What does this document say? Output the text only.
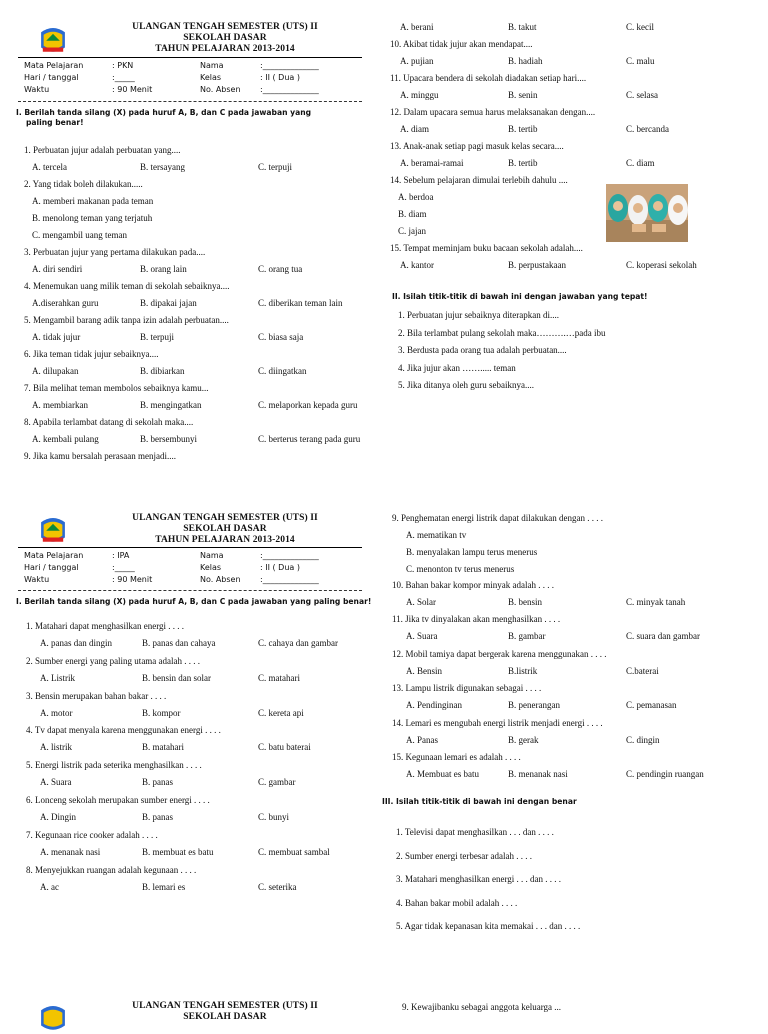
ULANGAN TENGAH SEMESTER (UTS) II
SEKOLAH DASAR
TAHUN PELAJARAN 2013-2014
Mata Pelajaran	: PKN	Nama	:______________
Hari / tanggal	:_____	Kelas	: II ( Dua )
Waktu	: 90 Menit	No. Absen :______________
I. Berilah tanda silang (X) pada huruf A, B, dan C pada jawaban yang
paling benar!
1. Perbuatan jujur adalah perbuatan yang....
A. tercela	B. tersayang	C. terpuji
2. Yang tidak boleh dilakukan.....
A. memberi makanan pada teman
B. menolong teman yang terjatuh
C. mengambil uang teman
3. Perbuatan jujur yang pertama dilakukan pada....
A. diri sendiri	B. orang lain	C. orang tua
4. Menemukan uang milik teman di sekolah sebaiknya....
A.diserahkan guru	B. dipakai jajan	C. diberikan teman lain
5. Mengambil barang adik tanpa izin adalah perbuatan....
A. tidak jujur	B. terpuji	C. biasa saja
6. Jika teman tidak jujur sebaiknya....
A. dilupakan	B. dibiarkan	C. diingatkan
7. Bila melihat teman membolos sebaiknya kamu...
A. membiarkan	B. mengingatkan	C. melaporkan kepada guru
8. Apabila terlambat datang di sekolah maka....
A. kembali pulang	B. bersembunyi	C. berterus terang pada guru
9. Jika kamu bersalah perasaan menjadi....
A. berani	B. takut	C. kecil
10. Akibat tidak jujur akan mendapat....
A. pujian	B. hadiah	C. malu
11. Upacara bendera di sekolah diadakan setiap hari....
A. minggu	B. senin	C. selasa
12. Dalam upacara semua harus melaksanakan dengan....
A. diam	B. tertib	C. bercanda
13. Anak-anak setiap pagi masuk kelas secara....
A. beramai-ramai	B. tertib	C. diam
14. Sebelum pelajaran dimulai terlebih dahulu ....
A. berdoa
B. diam
C. jajan
15. Tempat meminjam buku bacaan sekolah adalah....
A. kantor	B. perpustakaan	C. koperasi sekolah
II. Isilah titik-titik di bawah ini dengan jawaban yang tepat!
1. Perbuatan jujur sebaiknya diterapkan di....
2. Bila terlambat pulang sekolah maka……….…pada ibu
3. Berdusta pada orang tua adalah perbuatan....
4. Jika jujur akan ……..... teman
5. Jika ditanya oleh guru sebaiknya....
ULANGAN TENGAH SEMESTER (UTS) II
SEKOLAH DASAR
TAHUN PELAJARAN 2013-2014
Mata Pelajaran	: IPA	Nama	:______________
Hari / tanggal	:_____	Kelas	: II ( Dua )
Waktu	: 90 Menit	No. Absen :______________
I. Berilah tanda silang (X) pada huruf A, B, dan C pada jawaban yang paling benar!
1. Matahari dapat menghasilkan energi . . . .
A. panas dan dingin	B. panas dan cahaya	C. cahaya dan gambar
2. Sumber energi yang paling utama adalah . . . .
A. Listrik	B. bensin dan solar	C. matahari
3. Bensin merupakan bahan bakar . . . .
A. motor	B. kompor	C. kereta api
4. Tv dapat menyala karena menggunakan energi . . . .
A. listrik	B. matahari	C. batu baterai
5. Energi listrik pada seterika menghasilkan . . . .
A. Suara	B. panas	C. gambar
6. Lonceng sekolah merupakan sumber energi . . . .
A. Dingin	B. panas	C. bunyi
7. Kegunaan rice cooker adalah . . . .
A. menanak nasi	B. membuat es batu	C. membuat sambal
8. Menyejukkan ruangan adalah kegunaan . . . .
A. ac	B. lemari es	C. seterika
9. Penghematan energi listrik dapat dilakukan dengan . . . .
A. mematikan tv
B. menyalakan lampu terus menerus
C. menonton tv terus menerus
10. Bahan bakar kompor minyak adalah . . . .
A. Solar	B. bensin	C. minyak tanah
11. Jika tv dinyalakan akan menghasilkan . . . .
A. Suara	B. gambar	C. suara dan gambar
12. Mobil tamiya dapat bergerak karena menggunakan . . . .
A. Bensin	B.listrik	C.baterai
13. Lampu listrik digunakan sebagai . . . .
A. Pendinginan	B. penerangan	C. pemanasan
14. Lemari es mengubah energi listrik menjadi energi . . . .
A. Panas	B. gerak	C. dingin
15. Kegunaan lemari es adalah . . . .
A. Membuat es batu	B. menanak nasi	C. pendingin ruangan
III. Isilah titik-titik di bawah ini dengan benar
1. Televisi dapat menghasilkan . . . dan . . . .
2. Sumber energi terbesar adalah . . . .
3. Matahari menghasilkan energi . . . dan . . . .
4. Bahan bakar mobil adalah . . . .
5. Agar tidak kepanasan kita memakai . . . dan . . . .
ULANGAN TENGAH SEMESTER (UTS) II
SEKOLAH DASAR
9. Kewajibanku sebagai anggota keluarga ...
